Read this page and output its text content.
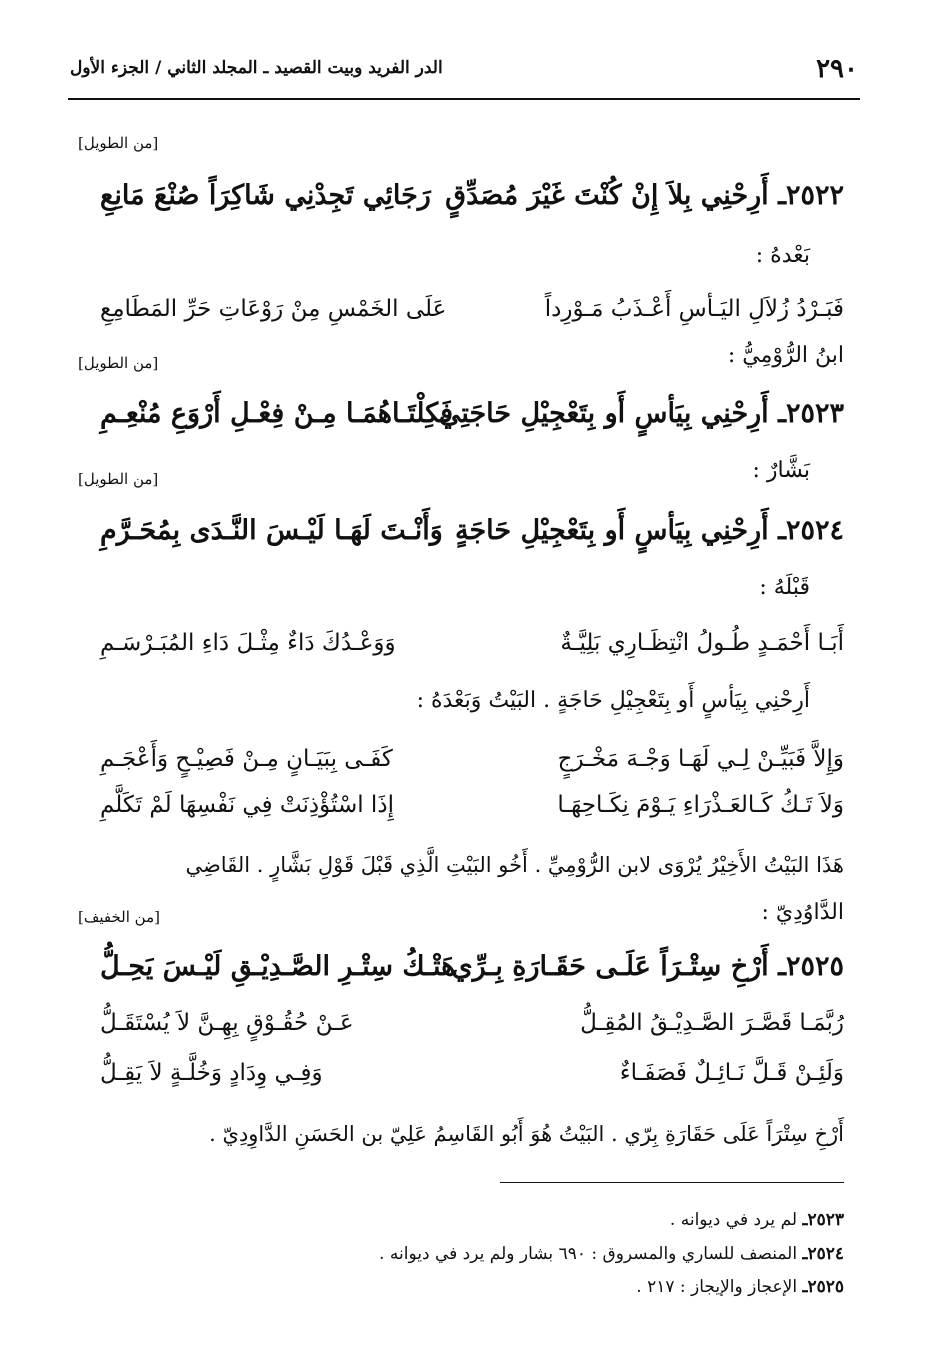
٢٩٠
الدر الفريد وبيت القصيد ـ المجلد الثاني / الجزء الأول
[من الطويل]
٢٥٢٢ـ أَرِحْنِي بِلاَ إِنْ كُنْتَ غَيْرَ مُصَدِّقٍ
رَجَائِي تَجِدْنِي شَاكِرَاً صُنْعَ مَانِعِ
بَعْدهُ :
فَبَـرْدُ زُلاَلِ اليَـأسِ أَعْـذَبُ مَـوْرِداً
عَلَى الخَمْسِ مِنْ رَوْعَاتِ حَرِّ المَطَامِعِ
ابنُ الرُّوْمِيُّ :
[من الطويل]
٢٥٢٣ـ أَرِحْنِي بِيَأسٍ أَو بِتَعْجِيْلِ حَاجَتِي
فَكِلْتَـاهُمَـا مِـنْ فِعْـلِ أَرْوَعِ مُنْعِـمِ
بَشَّارٌ :
[من الطويل]
٢٥٢٤ـ أَرِحْنِي بِيَأسٍ أَو بِتَعْجِيْلِ حَاجَةٍ
وَأَنْـتَ لَهَـا لَيْـسَ النَّـدَى بِمُحَـرَّمِ
قَبْلَهُ :
أَبَـا أَحْمَـدٍ طُـولُ انْتِظَـارِي بَلِيَّـةٌ
وَوَعْـدُكَ دَاءٌ مِثْـلَ دَاءِ المُبَـرْسَـمِ
أَرِحْنِي بِيَأسٍ أَو بِتَعْجِيْلِ حَاجَةٍ . البَيْتُ وَبَعْدَهُ :
وَإِلاَّ فَبَيِّـنْ لِـي لَهَـا وَجْـهَ مَخْـرَجٍ
كَفَـى بِبَيَـانٍ مِـنْ فَصِيْـحٍ وَأَعْجَـمِ
وَلاَ تَـكُ كَـالعَـذْرَاءِ يَـوْمَ نِكَـاحِهَـا
إِذَا اسْتُؤْذِنَتْ فِي نَفْسِهَا لَمْ تَكَلَّمِ
هَذَا البَيْتُ الأَخِيْرُ يُرْوَى لابن الرُّوْمِيِّ . أَخُو البَيْتِ الَّذِي قَبْلَ قَوْلِ بَشَّارٍ . القَاضِي
الدَّاوُدِيّ :
[من الخفيف]
٢٥٢٥ـ أَرْخِ سِتْـرَاً عَلَـى حَقَـارَةِ بِـرِّي
هَتْـكُ سِتْـرِ الصَّـدِيْـقِ لَيْـسَ يَحِـلُّ
رُبَّمَـا قَصَّـرَ الصَّـدِيْـقُ المُقِـلُّ
عَـنْ حُقُـوْقٍ بِهِـنَّ لاَ يُسْتَقَـلُّ
وَلَئِـنْ قَـلَّ نَـائِـلٌ فَصَفَـاءٌ
وَفِـي وِدَادٍ وَخُلَّـةٍ لاَ يَقِـلُّ
أَرْخِ سِتْرَاً عَلَى حَقَارَةِ بِرّي . البَيْتُ هُوَ أَبُو القَاسِمُ عَلِيّ بن الحَسَنِ الدَّاوِدِيّ .
٢٥٢٣ـ لم يرد في ديوانه .
٢٥٢٤ـ المنصف للساري والمسروق : ٦٩٠ بشار ولم يرد في ديوانه .
٢٥٢٥ـ الإعجاز والإيجاز : ٢١٧ .
